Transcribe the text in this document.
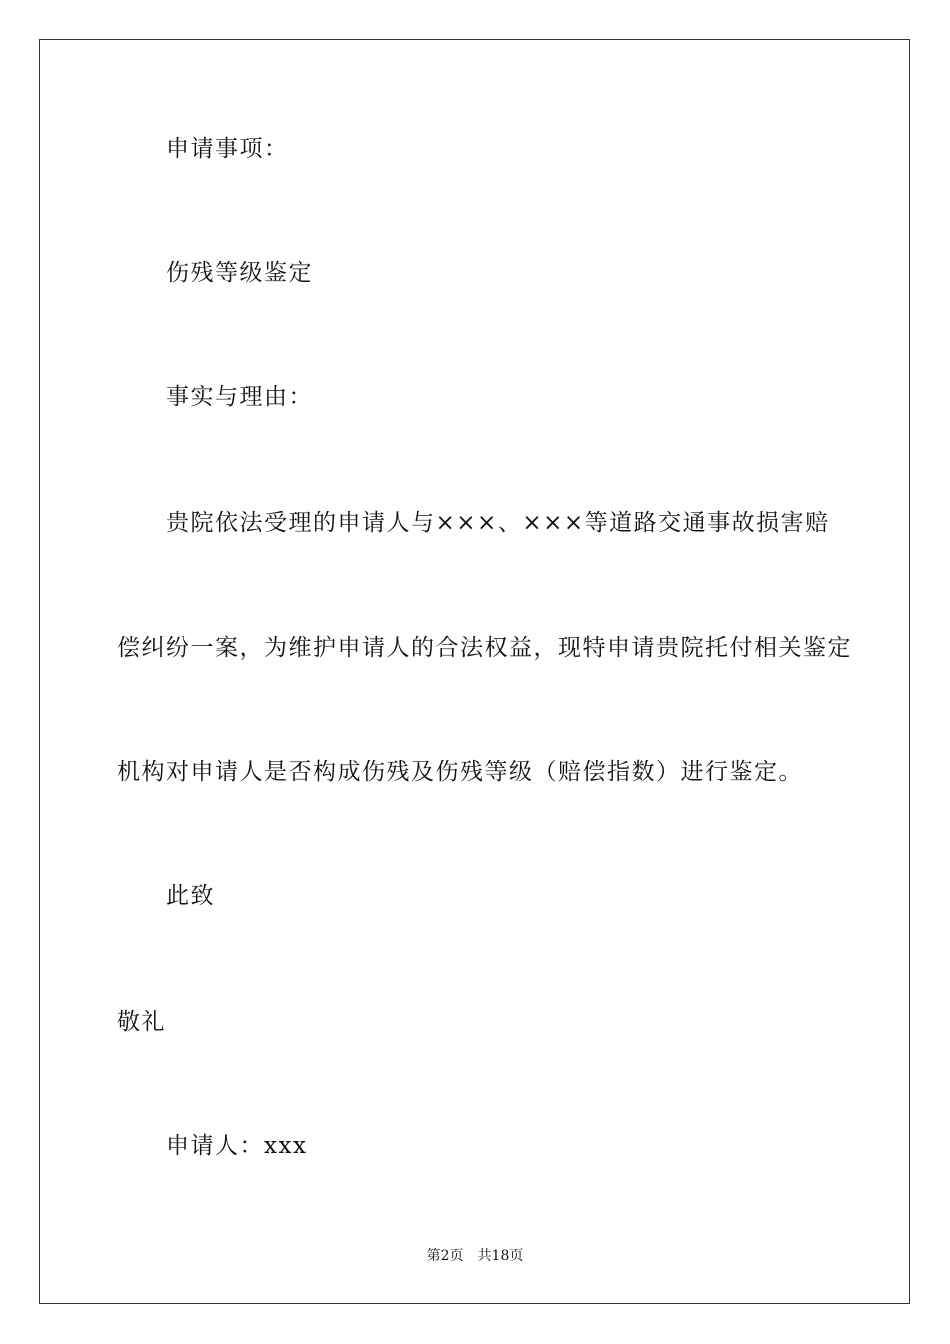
申请事项：
伤残等级鉴定
事实与理由：
贵院依法受理的申请人与×××、×××等道路交通事故损害赔
偿纠纷一案，为维护申请人的合法权益，现特申请贵院托付相关鉴定
机构对申请人是否构成伤残及伤残等级（赔偿指数）进行鉴定。
此致
敬礼
申请人：xxx
第2页 共18页
